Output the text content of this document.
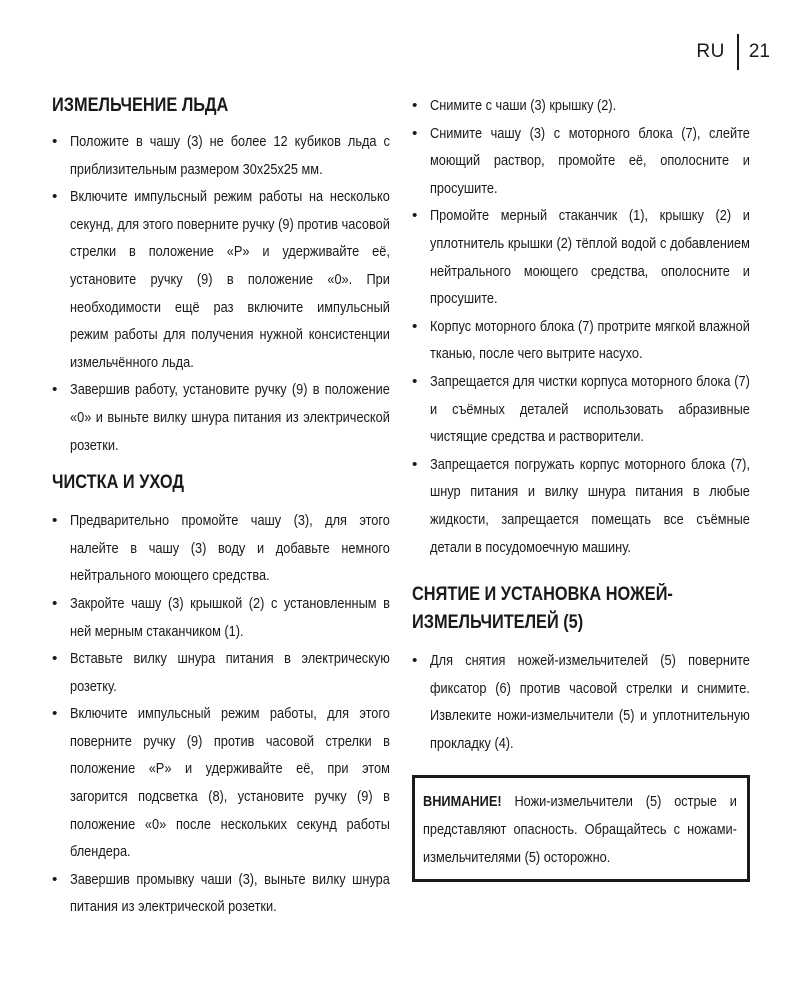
RU	21
ИЗМЕЛЬЧЕНИЕ ЛЬДА
• Положите в чашу (3) не более 12 кубиков льда с приблизительным размером 30x25x25 мм.
• Включите импульсный режим работы на несколько секунд, для этого поверните ручку (9) против часовой стрелки в положение «P» и удерживайте её, установите ручку (9) в положение «0». При необходимости ещё раз включите импульсный режим работы для получения нужной консистенции измельчённого льда.
• Завершив работу, установите ручку (9) в положение «0» и выньте вилку шнура питания из электрической розетки.
ЧИСТКА И УХОД
• Предварительно промойте чашу (3), для этого налейте в чашу (3) воду и добавьте немного нейтрального моющего средства.
• Закройте чашу (3) крышкой (2) с установленным в ней мерным стаканчиком (1).
• Вставьте вилку шнура питания в электрическую розетку.
• Включите импульсный режим работы, для этого поверните ручку (9) против часовой стрелки в положение «P» и удерживайте её, при этом загорится подсветка (8), установите ручку (9) в положение «0» после нескольких секунд работы блендера.
• Завершив промывку чаши (3), выньте вилку шнура питания из электрической розетки.
• Снимите с чаши (3) крышку (2).
• Снимите чашу (3) с моторного блока (7), слейте моющий раствор, промойте её, ополосните и просушите.
• Промойте мерный стаканчик (1), крышку (2) и уплотнитель крышки (2) тёплой водой с добавлением нейтрального моющего средства, ополосните и просушите.
• Корпус моторного блока (7) протрите мягкой влажной тканью, после чего вытрите насухо.
• Запрещается для чистки корпуса моторного блока (7) и съёмных деталей использовать абразивные чистящие средства и растворители.
• Запрещается погружать корпус моторного блока (7), шнур питания и вилку шнура питания в любые жидкости, запрещается помещать все съёмные детали в посудомоечную машину.
СНЯТИЕ И УСТАНОВКА НОЖЕЙ-ИЗМЕЛЬЧИТЕЛЕЙ (5)
• Для снятия ножей-измельчителей (5) поверните фиксатор (6) против часовой стрелки и снимите. Извлеките ножи-измельчители (5) и уплотнительную прокладку (4).
ВНИМАНИЕ! Ножи-измельчители (5) острые и представляют опасность. Обращайтесь с ножами-измельчителями (5) осторожно.
